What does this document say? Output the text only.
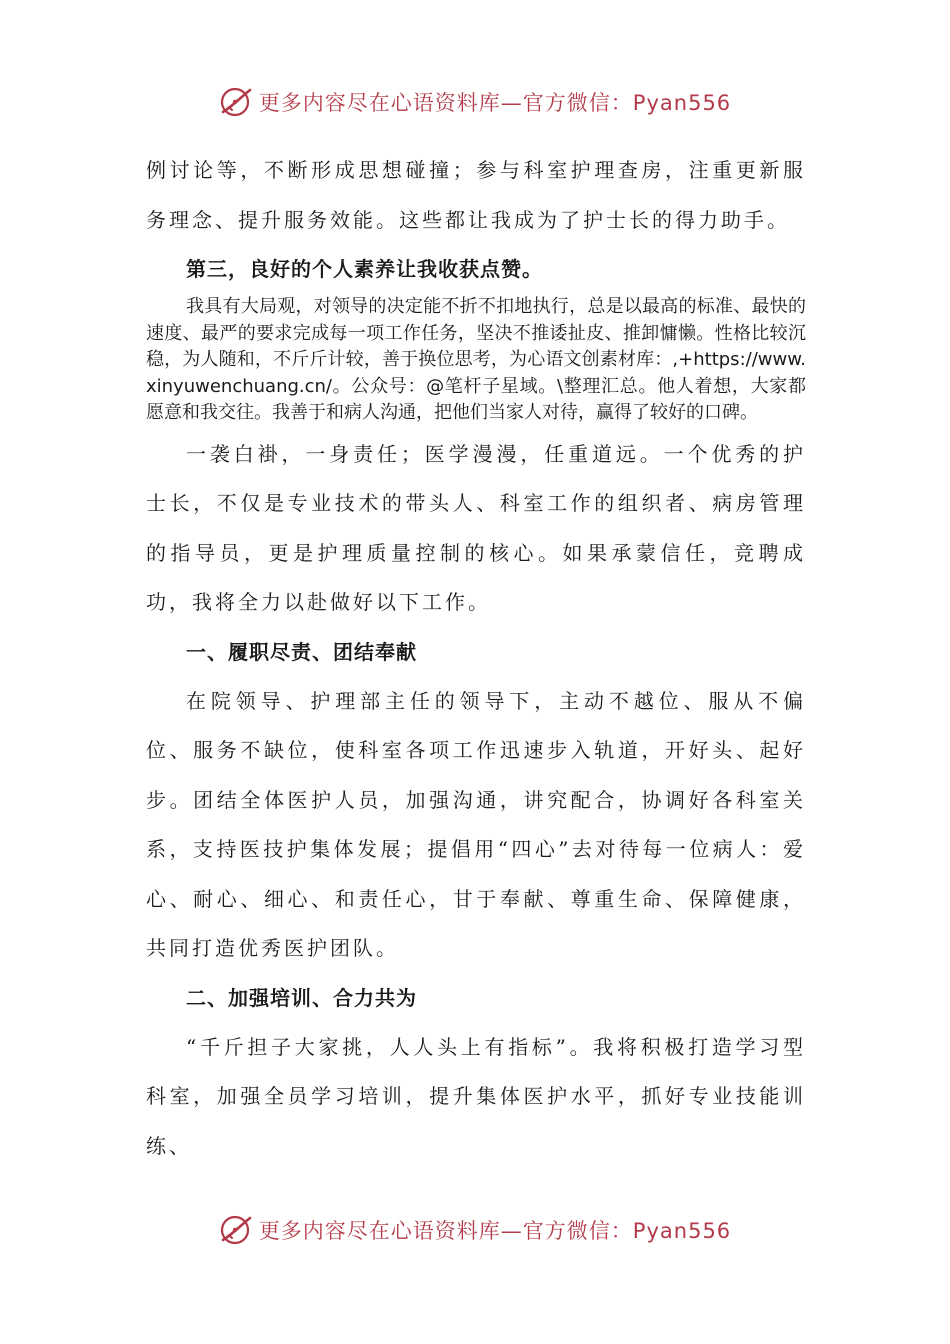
更多内容尽在心语资料库—官方微信：Pyan556

例讨论等，不断形成思想碰撞；参与科室护理查房，注重更新服务理念、提升服务效能。这些都让我成为了护士长的得力助手。

第三，良好的个人素养让我收获点赞。

我具有大局观，对领导的决定能不折不扣地执行，总是以最高的标准、最快的速度、最严的要求完成每一项工作任务，坚决不推诿扯皮、推卸慵懒。性格比较沉稳，为人随和，不斤斤计较，善于换位思考，为心语文创素材库：,+https://www.xinyuwenchuang.cn/。公众号：@笔杆子星域。\整理汇总。他人着想，大家都愿意和我交往。我善于和病人沟通，把他们当家人对待，赢得了较好的口碑。

一袭白褂，一身责任；医学漫漫，任重道远。一个优秀的护士长，不仅是专业技术的带头人、科室工作的组织者、病房管理的指导员，更是护理质量控制的核心。如果承蒙信任，竞聘成功，我将全力以赴做好以下工作。

一、履职尽责、团结奉献

在院领导、护理部主任的领导下，主动不越位、服从不偏位、服务不缺位，使科室各项工作迅速步入轨道，开好头、起好步。团结全体医护人员，加强沟通，讲究配合，协调好各科室关系，支持医技护集体发展；提倡用“四心”去对待每一位病人：爱心、耐心、细心、和责任心，甘于奉献、尊重生命、保障健康，共同打造优秀医护团队。

二、加强培训、合力共为

“千斤担子大家挑，人人头上有指标”。我将积极打造学习型科室，加强全员学习培训，提升集体医护水平，抓好专业技能训练、

更多内容尽在心语资料库—官方微信：Pyan556
